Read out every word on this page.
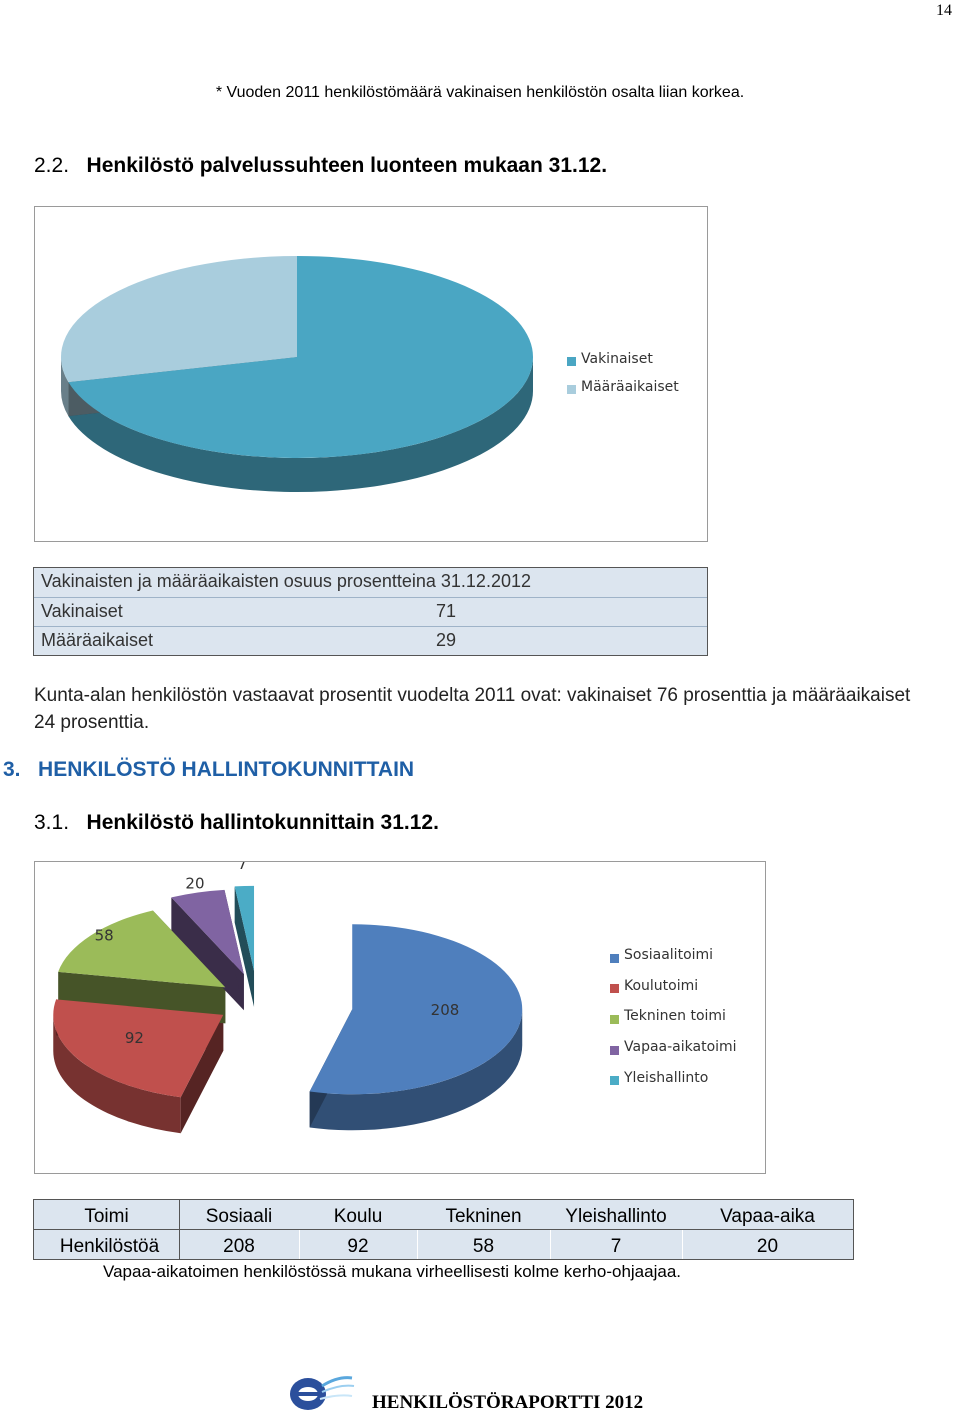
14
* Vuoden 2011 henkilöstömäärä vakinaisen henkilöstön osalta liian korkea.
2.2. Henkilöstö palvelussuhteen luonteen mukaan 31.12.
Vakinaiset
Määräaikaiset
Vakinaisten ja määräaikaisten osuus prosentteina 31.12.2012
Vakinaiset	71
Määräaikaiset	29
Kunta-alan henkilöstön vastaavat prosentit vuodelta 2011 ovat: vakinaiset 76 prosenttia ja määräaikaiset 24 prosenttia.
3. HENKILÖSTÖ HALLINTOKUNNITTAIN
3.1. Henkilöstö hallintokunnittain 31.12.
208
92
58
20
7
Sosiaalitoimi
Koulutoimi
Tekninen toimi
Vapaa-aikatoimi
Yleishallinto
Toimi	Sosiaali	Koulu	Tekninen	Yleishallinto	Vapaa-aika
Henkilöstöä	208	92	58	7	20
Vapaa-aikatoimen henkilöstössä mukana virheellisesti kolme kerho-ohjaajaa.
HENKILÖSTÖRAPORTTI 2012
